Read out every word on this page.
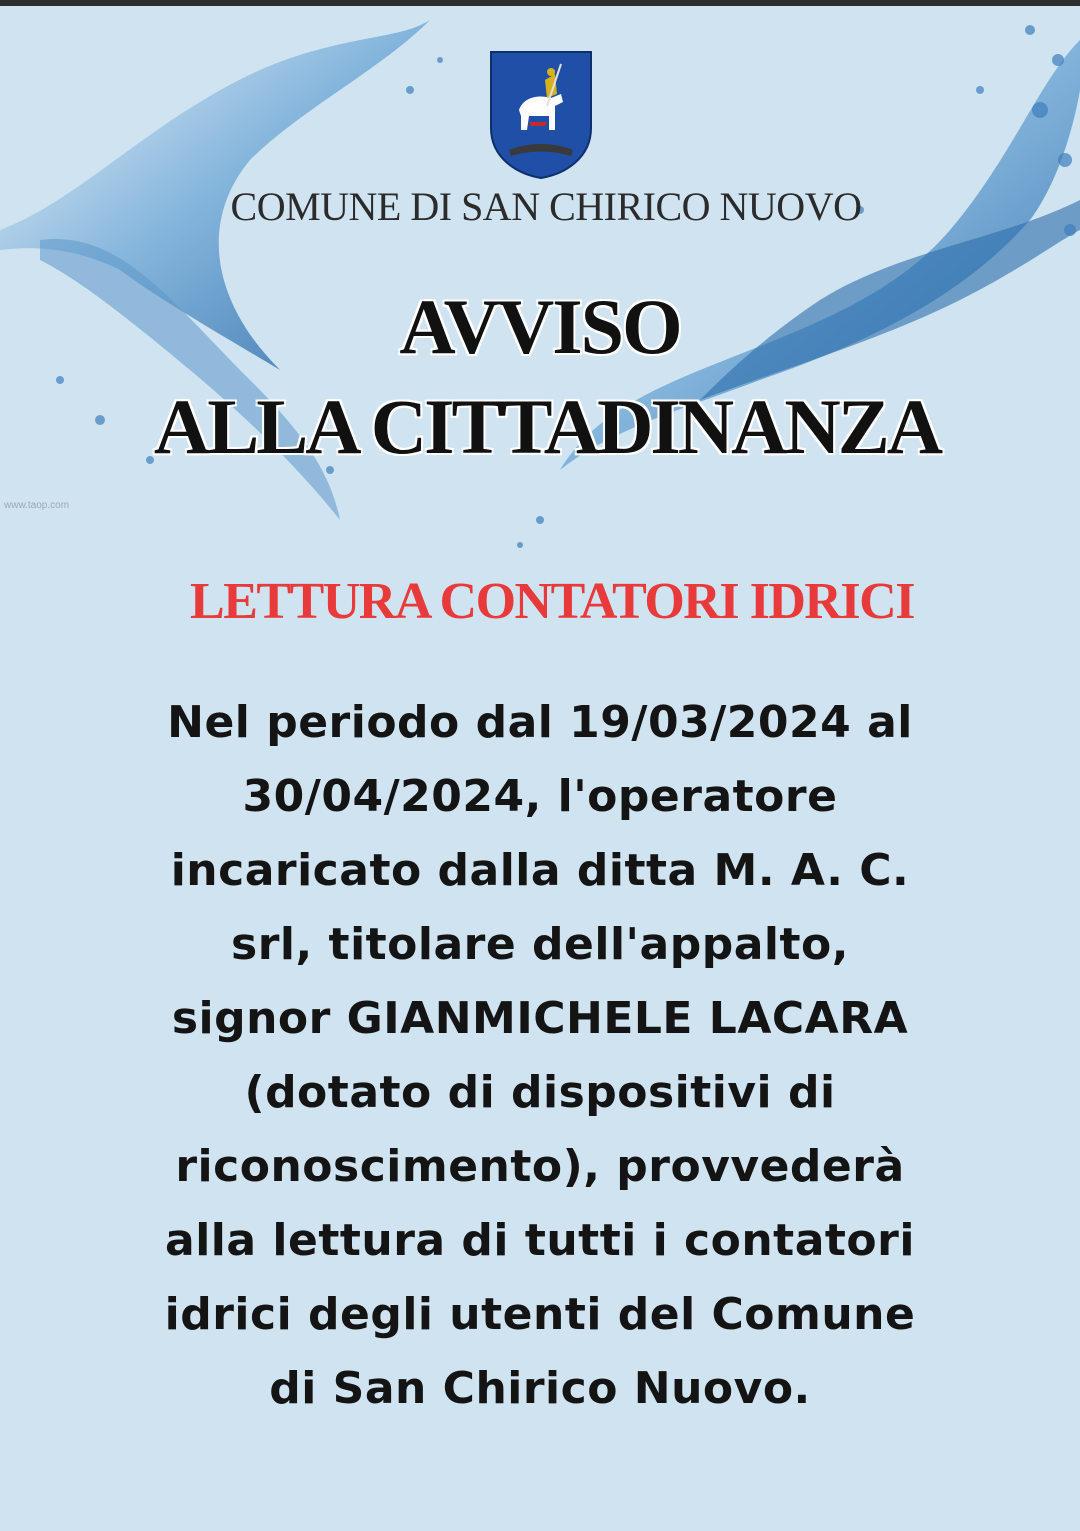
COMUNE DI SAN CHIRICO NUOVO
AVVISO
ALLA CITTADINANZA
www.taop.com
LETTURA CONTATORI IDRICI
Nel periodo dal 19/03/2024 al
30/04/2024, l'operatore
incaricato dalla ditta M. A. C.
srl, titolare dell'appalto,
signor GIANMICHELE LACARA
(dotato di dispositivi di
riconoscimento), provvederà
alla lettura di tutti i contatori
idrici degli utenti del Comune
di San Chirico Nuovo.
